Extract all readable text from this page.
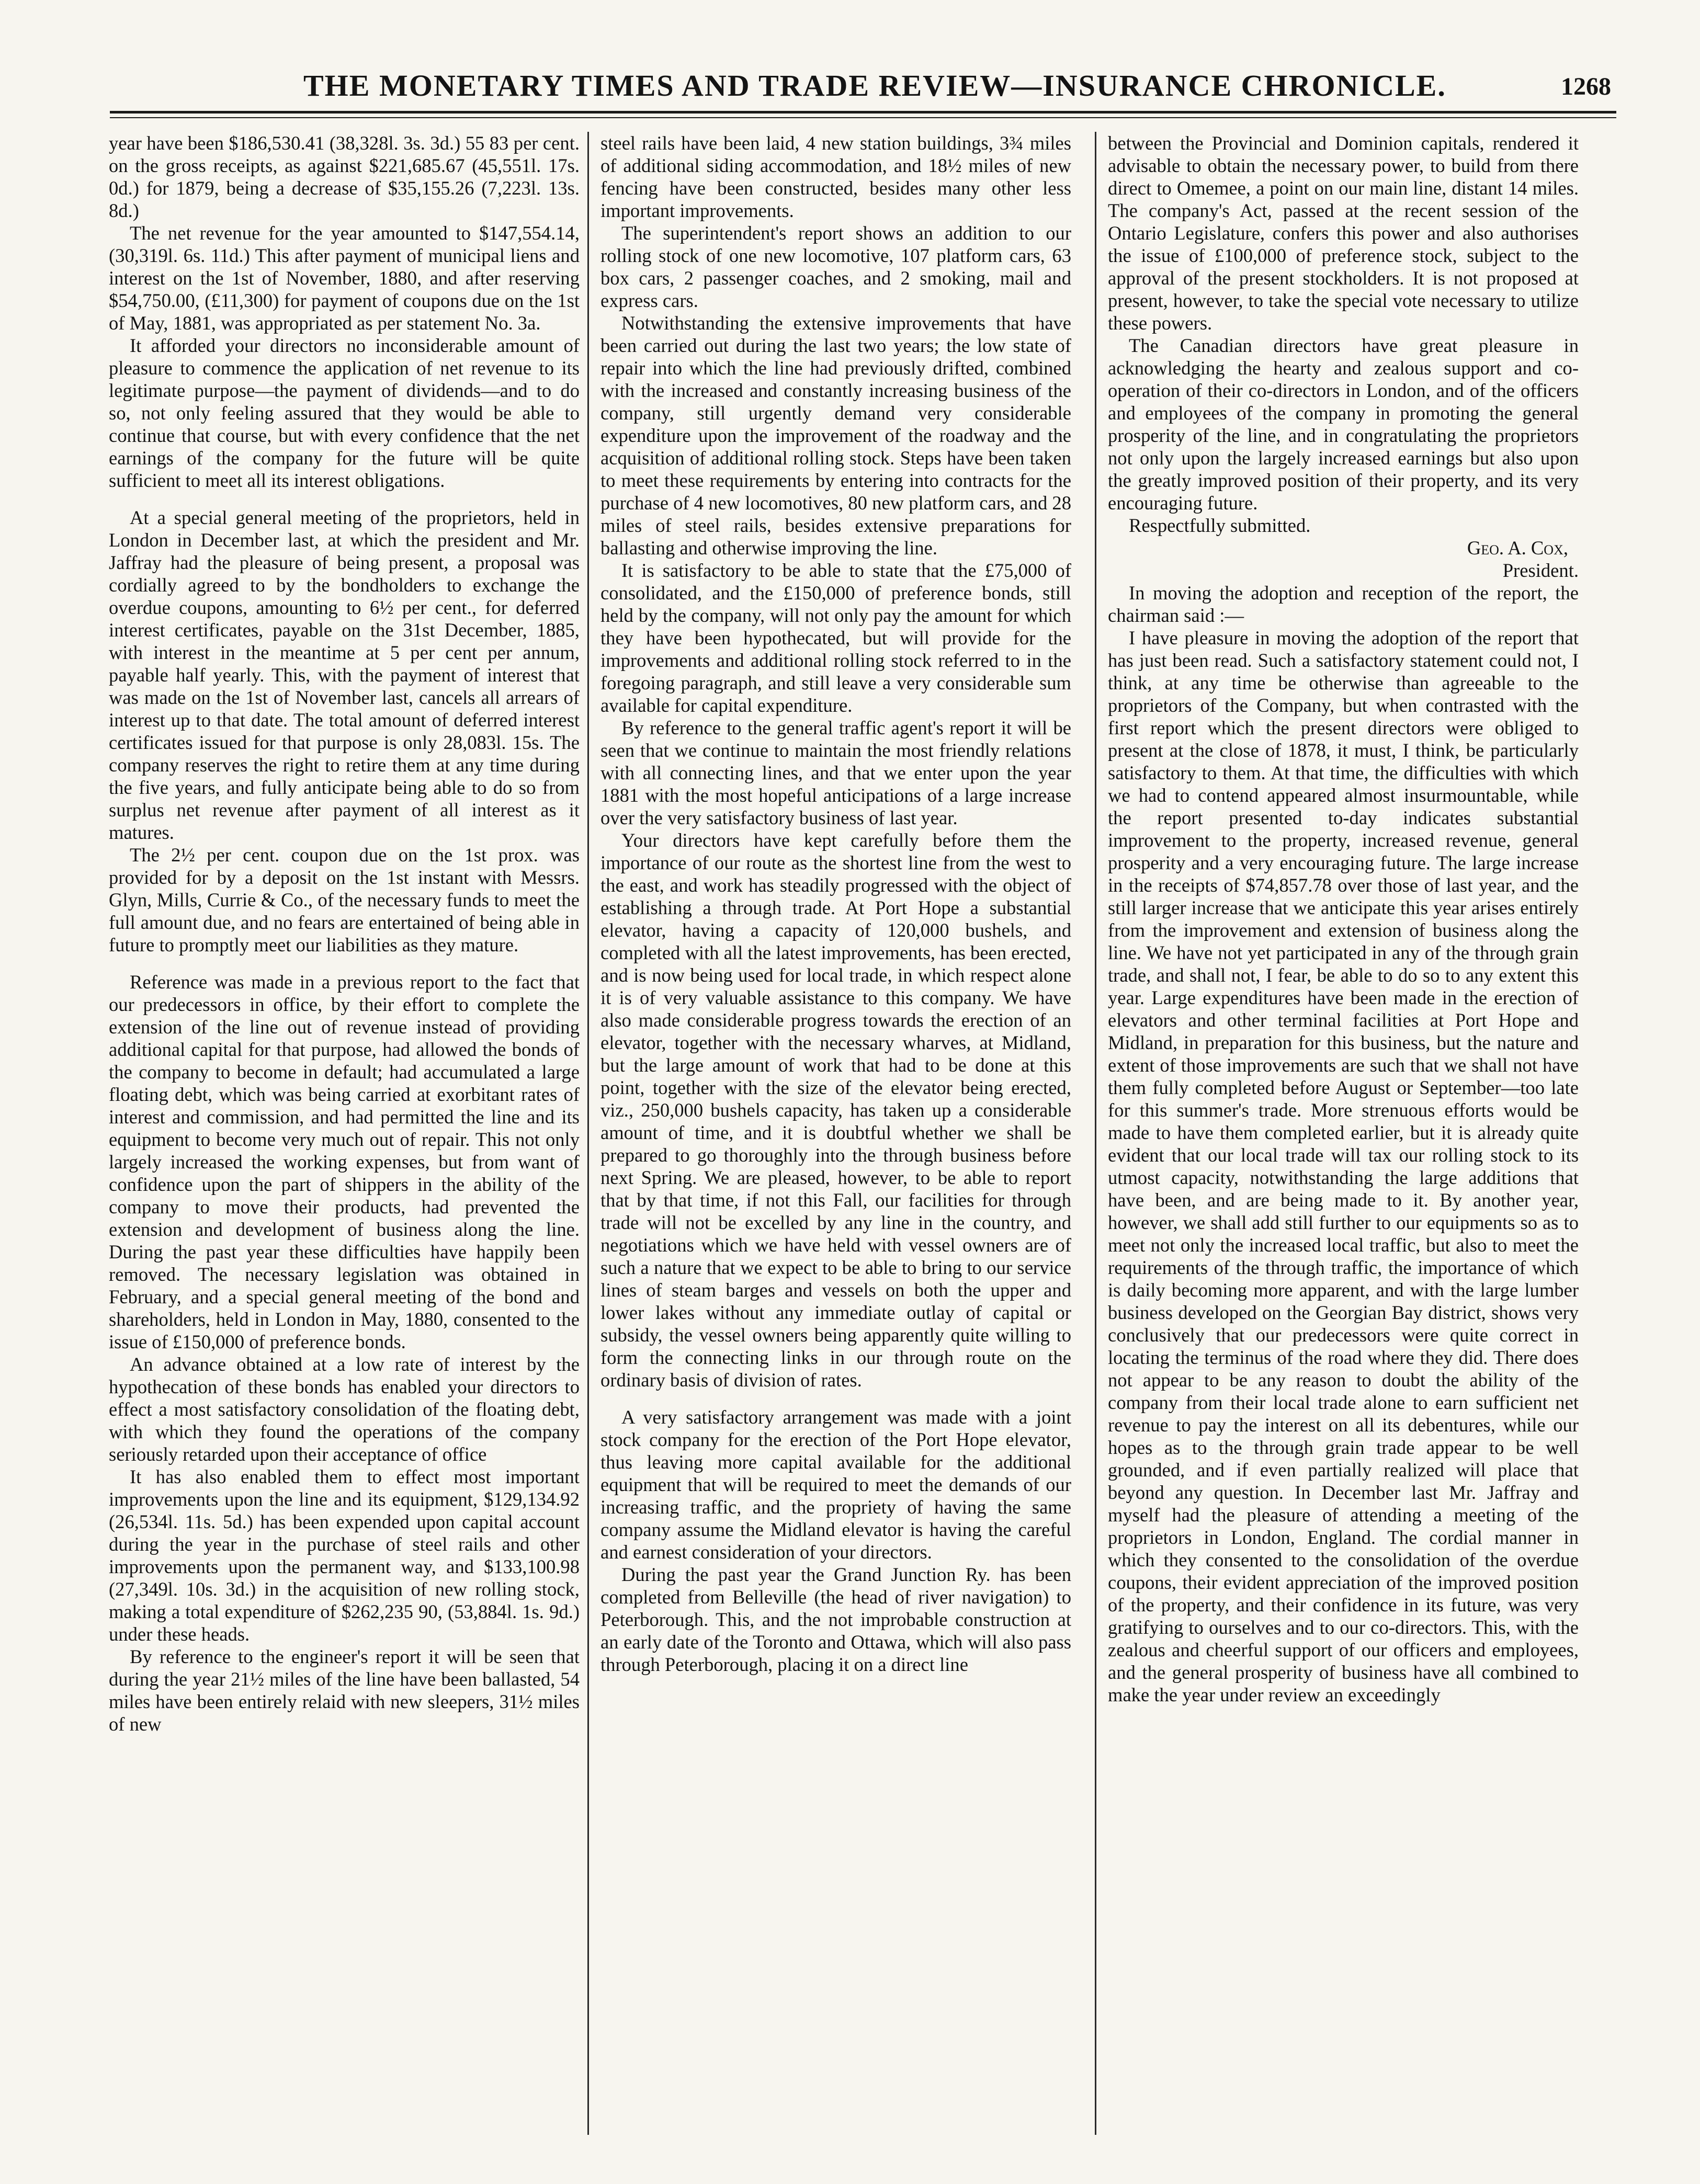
THE MONETARY TIMES AND TRADE REVIEW—INSURANCE CHRONICLE.	1268

year have been $186,530.41 (38,328l. 3s. 3d.) 55 83 per cent. on the gross receipts, as against $221,685.67 (45,551l. 17s. 0d.) for 1879, being a decrease of $35,155.26 (7,223l. 13s. 8d.)

The net revenue for the year amounted to $147,554.14, (30,319l. 6s. 11d.) This after payment of municipal liens and interest on the 1st of November, 1880, and after reserving $54,750.00, (£11,300) for payment of coupons due on the 1st of May, 1881, was appropriated as per statement No. 3a.

It afforded your directors no inconsiderable amount of pleasure to commence the application of net revenue to its legitimate purpose—the payment of dividends—and to do so, not only feeling assured that they would be able to continue that course, but with every confidence that the net earnings of the company for the future will be quite sufficient to meet all its interest obligations.

At a special general meeting of the proprietors, held in London in December last, at which the president and Mr. Jaffray had the pleasure of being present, a proposal was cordially agreed to by the bondholders to exchange the overdue coupons, amounting to 6½ per cent., for deferred interest certificates, payable on the 31st December, 1885, with interest in the meantime at 5 per cent per annum, payable half yearly. This, with the payment of interest that was made on the 1st of November last, cancels all arrears of interest up to that date. The total amount of deferred interest certificates issued for that purpose is only 28,083l. 15s. The company reserves the right to retire them at any time during the five years, and fully anticipate being able to do so from surplus net revenue after payment of all interest as it matures.

The 2½ per cent. coupon due on the 1st prox. was provided for by a deposit on the 1st instant with Messrs. Glyn, Mills, Currie & Co., of the necessary funds to meet the full amount due, and no fears are entertained of being able in future to promptly meet our liabilities as they mature.

Reference was made in a previous report to the fact that our predecessors in office, by their effort to complete the extension of the line out of revenue instead of providing additional capital for that purpose, had allowed the bonds of the company to become in default; had accumulated a large floating debt, which was being carried at exorbitant rates of interest and commission, and had permitted the line and its equipment to become very much out of repair. This not only largely increased the working expenses, but from want of confidence upon the part of shippers in the ability of the company to move their products, had prevented the extension and development of business along the line. During the past year these difficulties have happily been removed. The necessary legislation was obtained in February, and a special general meeting of the bond and shareholders, held in London in May, 1880, consented to the issue of £150,000 of preference bonds.

An advance obtained at a low rate of interest by the hypothecation of these bonds has enabled your directors to effect a most satisfactory consolidation of the floating debt, with which they found the operations of the company seriously retarded upon their acceptance of office

It has also enabled them to effect most important improvements upon the line and its equipment, $129,134.92 (26,534l. 11s. 5d.) has been expended upon capital account during the year in the purchase of steel rails and other improvements upon the permanent way, and $133,100.98 (27,349l. 10s. 3d.) in the acquisition of new rolling stock, making a total expenditure of $262,235 90, (53,884l. 1s. 9d.) under these heads.

By reference to the engineer's report it will be seen that during the year 21½ miles of the line have been ballasted, 54 miles have been entirely relaid with new sleepers, 31½ miles of new

steel rails have been laid, 4 new station buildings, 3¾ miles of additional siding accommodation, and 18½ miles of new fencing have been constructed, besides many other less important improvements.

The superintendent's report shows an addition to our rolling stock of one new locomotive, 107 platform cars, 63 box cars, 2 passenger coaches, and 2 smoking, mail and express cars.

Notwithstanding the extensive improvements that have been carried out during the last two years; the low state of repair into which the line had previously drifted, combined with the increased and constantly increasing business of the company, still urgently demand very considerable expenditure upon the improvement of the roadway and the acquisition of additional rolling stock. Steps have been taken to meet these requirements by entering into contracts for the purchase of 4 new locomotives, 80 new platform cars, and 28 miles of steel rails, besides extensive preparations for ballasting and otherwise improving the line.

It is satisfactory to be able to state that the £75,000 of consolidated, and the £150,000 of preference bonds, still held by the company, will not only pay the amount for which they have been hypothecated, but will provide for the improvements and additional rolling stock referred to in the foregoing paragraph, and still leave a very considerable sum available for capital expenditure.

By reference to the general traffic agent's report it will be seen that we continue to maintain the most friendly relations with all connecting lines, and that we enter upon the year 1881 with the most hopeful anticipations of a large increase over the very satisfactory business of last year.

Your directors have kept carefully before them the importance of our route as the shortest line from the west to the east, and work has steadily progressed with the object of establishing a through trade. At Port Hope a substantial elevator, having a capacity of 120,000 bushels, and completed with all the latest improvements, has been erected, and is now being used for local trade, in which respect alone it is of very valuable assistance to this company. We have also made considerable progress towards the erection of an elevator, together with the necessary wharves, at Midland, but the large amount of work that had to be done at this point, together with the size of the elevator being erected, viz., 250,000 bushels capacity, has taken up a considerable amount of time, and it is doubtful whether we shall be prepared to go thoroughly into the through business before next Spring. We are pleased, however, to be able to report that by that time, if not this Fall, our facilities for through trade will not be excelled by any line in the country, and negotiations which we have held with vessel owners are of such a nature that we expect to be able to bring to our service lines of steam barges and vessels on both the upper and lower lakes without any immediate outlay of capital or subsidy, the vessel owners being apparently quite willing to form the connecting links in our through route on the ordinary basis of division of rates.

A very satisfactory arrangement was made with a joint stock company for the erection of the Port Hope elevator, thus leaving more capital available for the additional equipment that will be required to meet the demands of our increasing traffic, and the propriety of having the same company assume the Midland elevator is having the careful and earnest consideration of your directors.

During the past year the Grand Junction Ry. has been completed from Belleville (the head of river navigation) to Peterborough. This, and the not improbable construction at an early date of the Toronto and Ottawa, which will also pass through Peterborough, placing it on a direct line

between the Provincial and Dominion capitals, rendered it advisable to obtain the necessary power, to build from there direct to Omemee, a point on our main line, distant 14 miles. The company's Act, passed at the recent session of the Ontario Legislature, confers this power and also authorises the issue of £100,000 of preference stock, subject to the approval of the present stockholders. It is not proposed at present, however, to take the special vote necessary to utilize these powers.

The Canadian directors have great pleasure in acknowledging the hearty and zealous support and co-operation of their co-directors in London, and of the officers and employees of the company in promoting the general prosperity of the line, and in congratulating the proprietors not only upon the largely increased earnings but also upon the greatly improved position of their property, and its very encouraging future.

Respectfully submitted.

Geo. A. Cox,

President.

In moving the adoption and reception of the report, the chairman said :—

I have pleasure in moving the adoption of the report that has just been read. Such a satisfactory statement could not, I think, at any time be otherwise than agreeable to the proprietors of the Company, but when contrasted with the first report which the present directors were obliged to present at the close of 1878, it must, I think, be particularly satisfactory to them. At that time, the difficulties with which we had to contend appeared almost insurmountable, while the report presented to-day indicates substantial improvement to the property, increased revenue, general prosperity and a very encouraging future. The large increase in the receipts of $74,857.78 over those of last year, and the still larger increase that we anticipate this year arises entirely from the improvement and extension of business along the line. We have not yet participated in any of the through grain trade, and shall not, I fear, be able to do so to any extent this year. Large expenditures have been made in the erection of elevators and other terminal facilities at Port Hope and Midland, in preparation for this business, but the nature and extent of those improvements are such that we shall not have them fully completed before August or September—too late for this summer's trade. More strenuous efforts would be made to have them completed earlier, but it is already quite evident that our local trade will tax our rolling stock to its utmost capacity, notwithstanding the large additions that have been, and are being made to it. By another year, however, we shall add still further to our equipments so as to meet not only the increased local traffic, but also to meet the requirements of the through traffic, the importance of which is daily becoming more apparent, and with the large lumber business developed on the Georgian Bay district, shows very conclusively that our predecessors were quite correct in locating the terminus of the road where they did. There does not appear to be any reason to doubt the ability of the company from their local trade alone to earn sufficient net revenue to pay the interest on all its debentures, while our hopes as to the through grain trade appear to be well grounded, and if even partially realized will place that beyond any question. In December last Mr. Jaffray and myself had the pleasure of attending a meeting of the proprietors in London, England. The cordial manner in which they consented to the consolidation of the overdue coupons, their evident appreciation of the improved position of the property, and their confidence in its future, was very gratifying to ourselves and to our co-directors. This, with the zealous and cheerful support of our officers and employees, and the general prosperity of business have all combined to make the year under review an exceedingly
